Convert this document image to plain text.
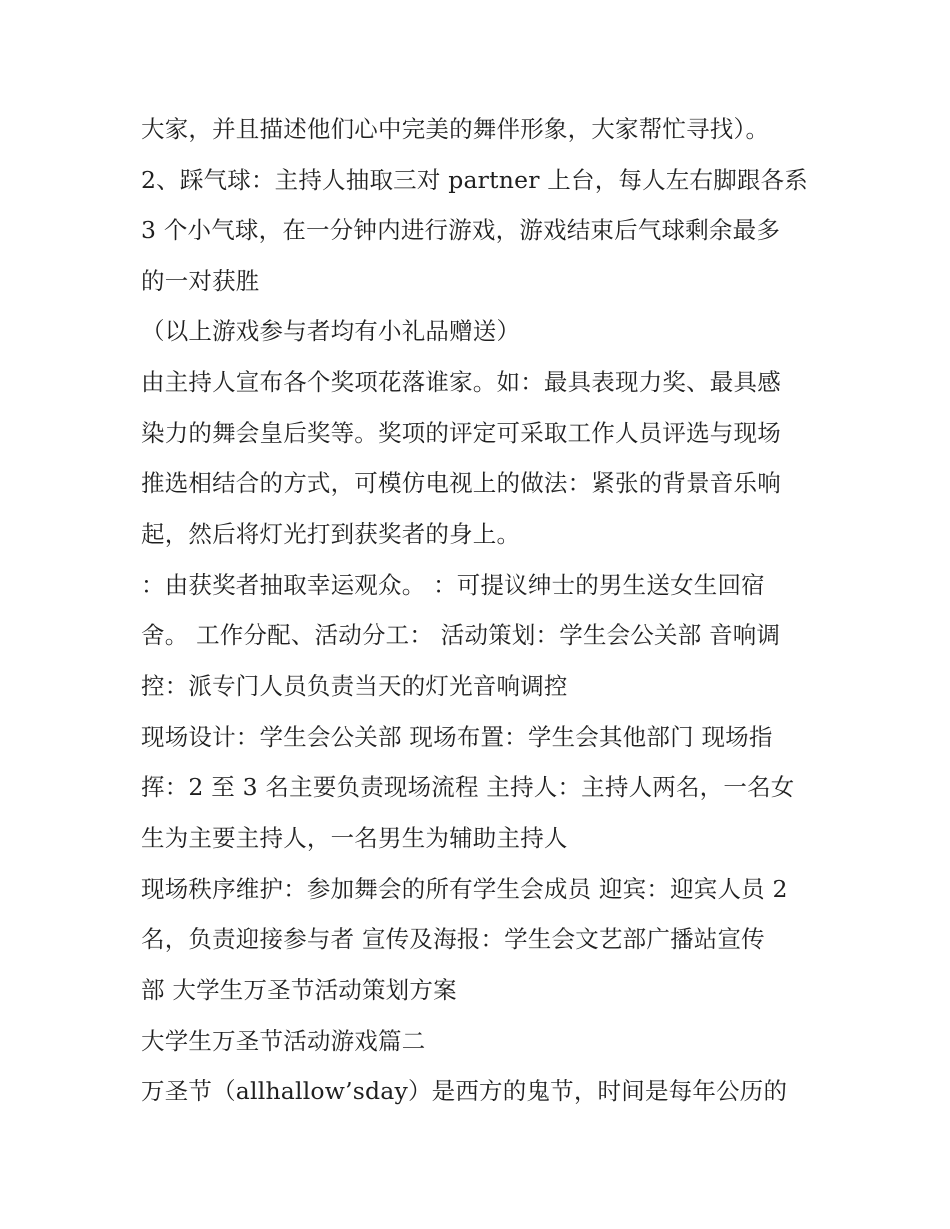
大家，并且描述他们心中完美的舞伴形象，大家帮忙寻找）。
2、踩气球：主持人抽取三对 partner 上台，每人左右脚跟各系
3 个小气球，在一分钟内进行游戏，游戏结束后气球剩余最多
的一对获胜
（以上游戏参与者均有小礼品赠送）
由主持人宣布各个奖项花落谁家。如：最具表现力奖、最具感
染力的舞会皇后奖等。奖项的评定可采取工作人员评选与现场
推选相结合的方式，可模仿电视上的做法：紧张的背景音乐响
起，然后将灯光打到获奖者的身上。
：由获奖者抽取幸运观众。 ：可提议绅士的男生送女生回宿
舍。 工作分配、活动分工： 活动策划：学生会公关部 音响调
控：派专门人员负责当天的灯光音响调控
现场设计：学生会公关部 现场布置：学生会其他部门 现场指
挥：2 至 3 名主要负责现场流程 主持人：主持人两名，一名女
生为主要主持人，一名男生为辅助主持人
现场秩序维护：参加舞会的所有学生会成员 迎宾：迎宾人员 2
名，负责迎接参与者 宣传及海报：学生会文艺部广播站宣传
部 大学生万圣节活动策划方案
大学生万圣节活动游戏篇二
万圣节（allhallow’sday）是西方的鬼节，时间是每年公历的
